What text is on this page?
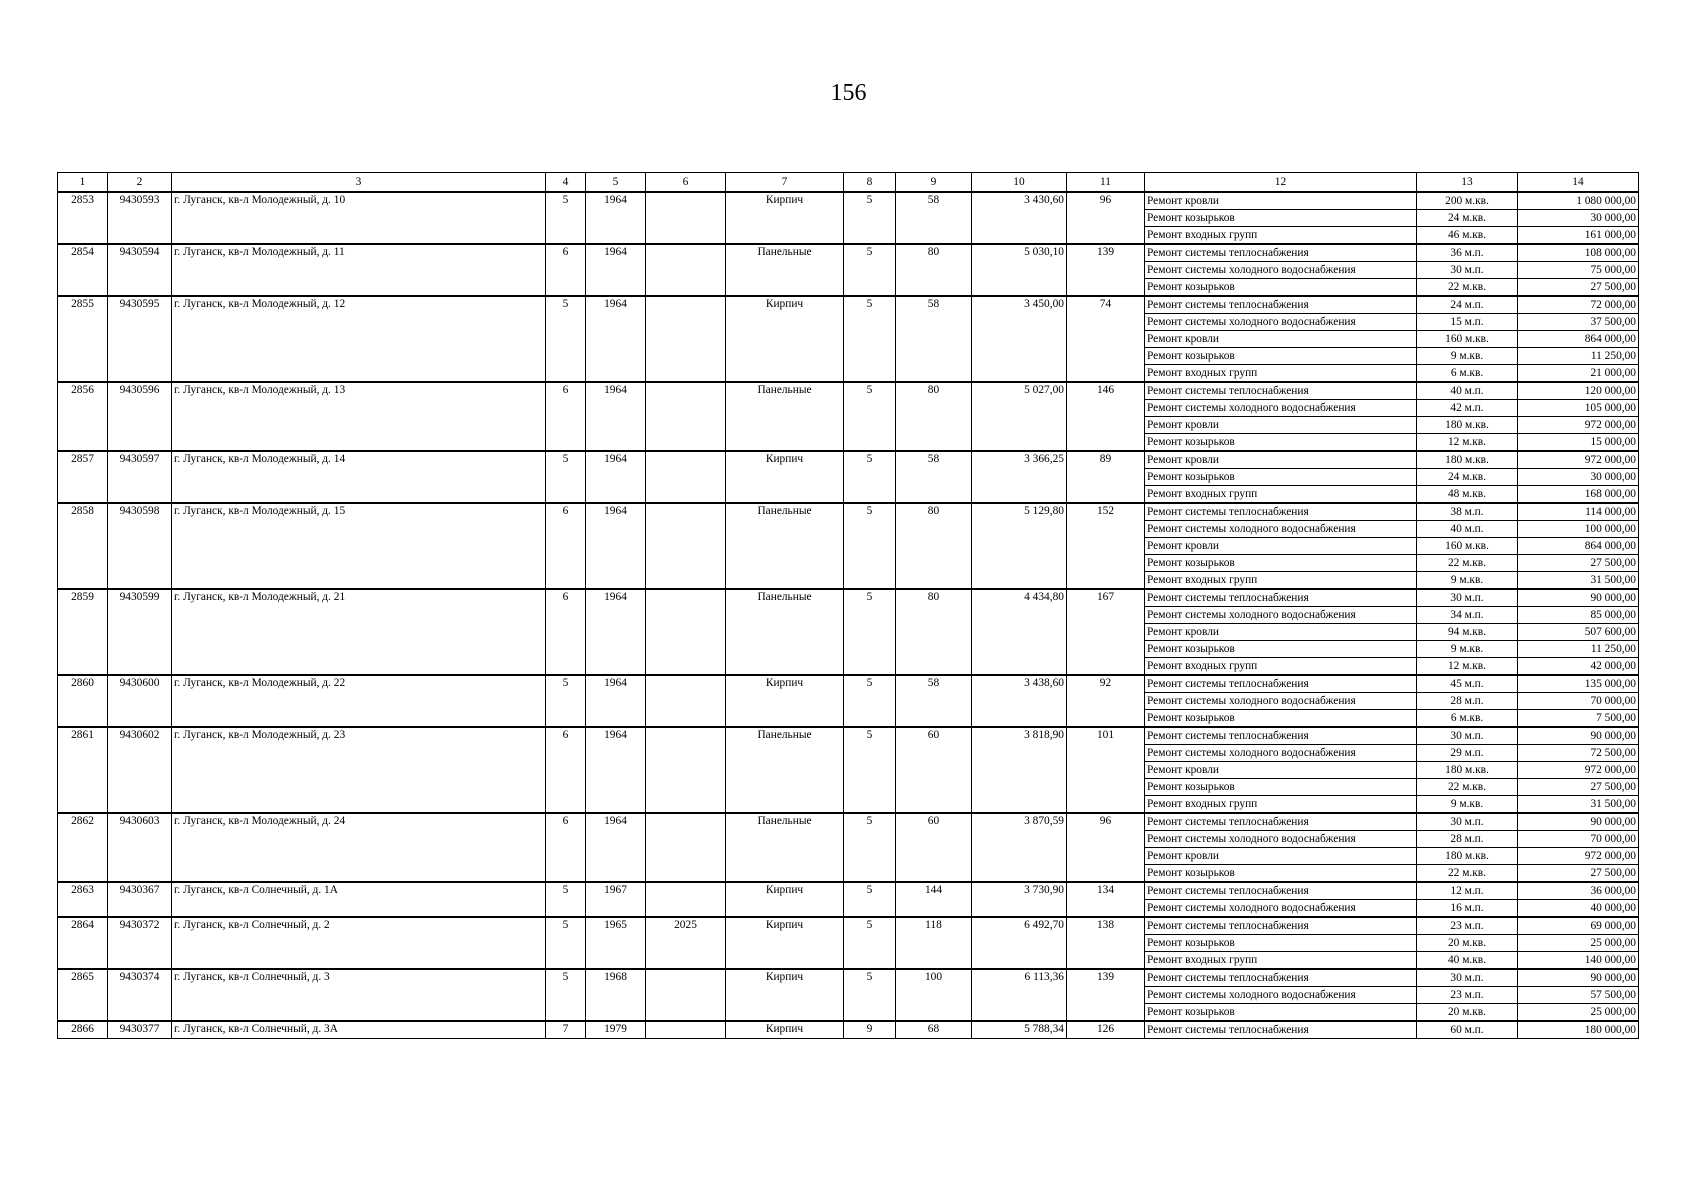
156
1	2	3	4	5	6	7	8	9	10	11	12	13	14
2853	9430593	г. Луганск, кв-л Молодежный, д. 10	5	1964		Кирпич	5	58	3 430,60	96	Ремонт кровли	200 м.кв.	1 080 000,00
											Ремонт козырьков	24 м.кв.	30 000,00
											Ремонт входных групп	46 м.кв.	161 000,00
2854	9430594	г. Луганск, кв-л Молодежный, д. 11	6	1964		Панельные	5	80	5 030,10	139	Ремонт системы теплоснабжения	36 м.п.	108 000,00
											Ремонт системы холодного водоснабжения	30 м.п.	75 000,00
											Ремонт козырьков	22 м.кв.	27 500,00
2855	9430595	г. Луганск, кв-л Молодежный, д. 12	5	1964		Кирпич	5	58	3 450,00	74	Ремонт системы теплоснабжения	24 м.п.	72 000,00
											Ремонт системы холодного водоснабжения	15 м.п.	37 500,00
											Ремонт кровли	160 м.кв.	864 000,00
											Ремонт козырьков	9 м.кв.	11 250,00
											Ремонт входных групп	6 м.кв.	21 000,00
2856	9430596	г. Луганск, кв-л Молодежный, д. 13	6	1964		Панельные	5	80	5 027,00	146	Ремонт системы теплоснабжения	40 м.п.	120 000,00
											Ремонт системы холодного водоснабжения	42 м.п.	105 000,00
											Ремонт кровли	180 м.кв.	972 000,00
											Ремонт козырьков	12 м.кв.	15 000,00
2857	9430597	г. Луганск, кв-л Молодежный, д. 14	5	1964		Кирпич	5	58	3 366,25	89	Ремонт кровли	180 м.кв.	972 000,00
											Ремонт козырьков	24 м.кв.	30 000,00
											Ремонт входных групп	48 м.кв.	168 000,00
2858	9430598	г. Луганск, кв-л Молодежный, д. 15	6	1964		Панельные	5	80	5 129,80	152	Ремонт системы теплоснабжения	38 м.п.	114 000,00
											Ремонт системы холодного водоснабжения	40 м.п.	100 000,00
											Ремонт кровли	160 м.кв.	864 000,00
											Ремонт козырьков	22 м.кв.	27 500,00
											Ремонт входных групп	9 м.кв.	31 500,00
2859	9430599	г. Луганск, кв-л Молодежный, д. 21	6	1964		Панельные	5	80	4 434,80	167	Ремонт системы теплоснабжения	30 м.п.	90 000,00
											Ремонт системы холодного водоснабжения	34 м.п.	85 000,00
											Ремонт кровли	94 м.кв.	507 600,00
											Ремонт козырьков	9 м.кв.	11 250,00
											Ремонт входных групп	12 м.кв.	42 000,00
2860	9430600	г. Луганск, кв-л Молодежный, д. 22	5	1964		Кирпич	5	58	3 438,60	92	Ремонт системы теплоснабжения	45 м.п.	135 000,00
											Ремонт системы холодного водоснабжения	28 м.п.	70 000,00
											Ремонт козырьков	6 м.кв.	7 500,00
2861	9430602	г. Луганск, кв-л Молодежный, д. 23	6	1964		Панельные	5	60	3 818,90	101	Ремонт системы теплоснабжения	30 м.п.	90 000,00
											Ремонт системы холодного водоснабжения	29 м.п.	72 500,00
											Ремонт кровли	180 м.кв.	972 000,00
											Ремонт козырьков	22 м.кв.	27 500,00
											Ремонт входных групп	9 м.кв.	31 500,00
2862	9430603	г. Луганск, кв-л Молодежный, д. 24	6	1964		Панельные	5	60	3 870,59	96	Ремонт системы теплоснабжения	30 м.п.	90 000,00
											Ремонт системы холодного водоснабжения	28 м.п.	70 000,00
											Ремонт кровли	180 м.кв.	972 000,00
											Ремонт козырьков	22 м.кв.	27 500,00
2863	9430367	г. Луганск, кв-л Солнечный, д. 1А	5	1967		Кирпич	5	144	3 730,90	134	Ремонт системы теплоснабжения	12 м.п.	36 000,00
											Ремонт системы холодного водоснабжения	16 м.п.	40 000,00
2864	9430372	г. Луганск, кв-л Солнечный, д. 2	5	1965	2025	Кирпич	5	118	6 492,70	138	Ремонт системы теплоснабжения	23 м.п.	69 000,00
											Ремонт козырьков	20 м.кв.	25 000,00
											Ремонт входных групп	40 м.кв.	140 000,00
2865	9430374	г. Луганск, кв-л Солнечный, д. 3	5	1968		Кирпич	5	100	6 113,36	139	Ремонт системы теплоснабжения	30 м.п.	90 000,00
											Ремонт системы холодного водоснабжения	23 м.п.	57 500,00
											Ремонт козырьков	20 м.кв.	25 000,00
2866	9430377	г. Луганск, кв-л Солнечный, д. 3А	7	1979		Кирпич	9	68	5 788,34	126	Ремонт системы теплоснабжения	60 м.п.	180 000,00
